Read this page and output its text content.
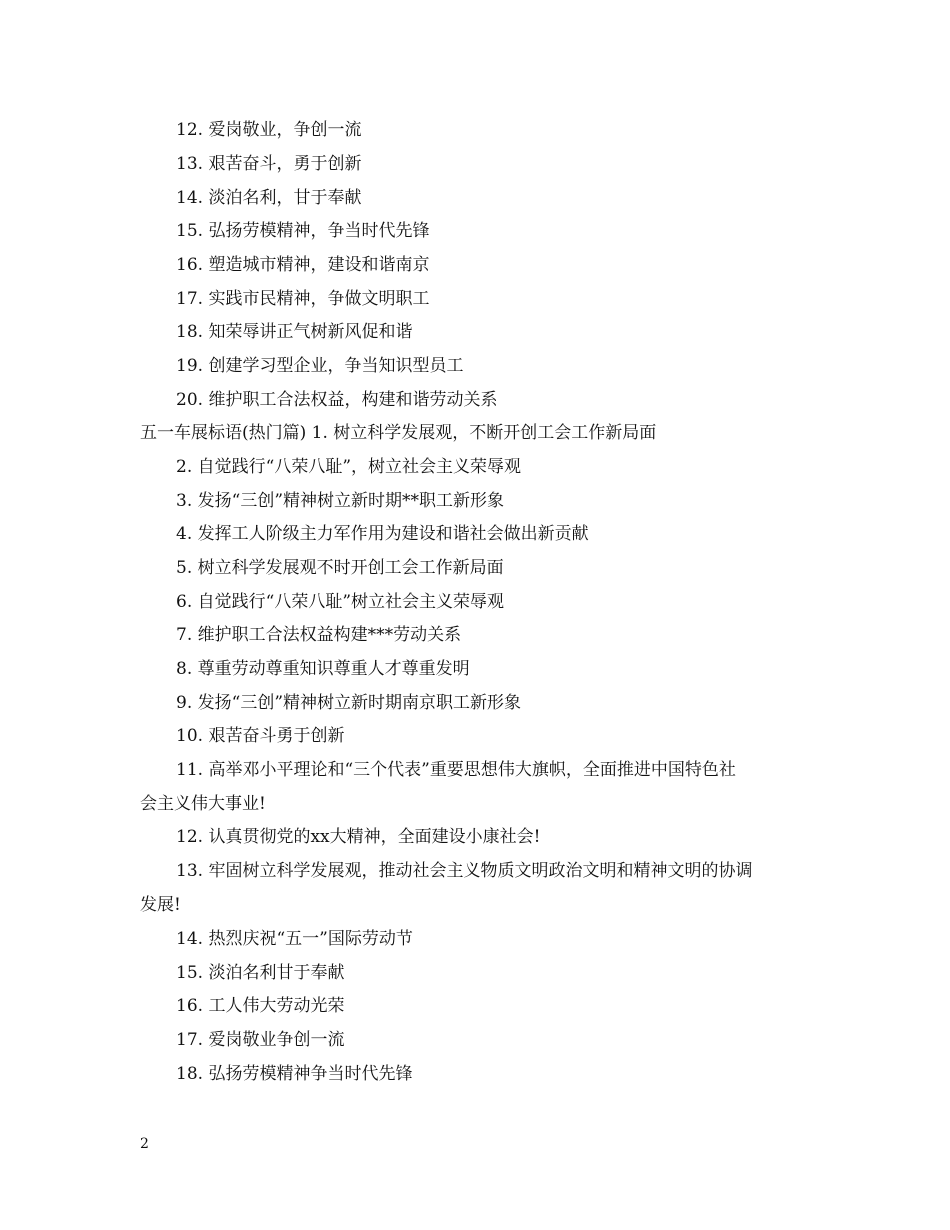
12. 爱岗敬业，争创一流
13. 艰苦奋斗，勇于创新
14. 淡泊名利，甘于奉献
15. 弘扬劳模精神，争当时代先锋
16. 塑造城市精神，建设和谐南京
17. 实践市民精神，争做文明职工
18. 知荣辱讲正气树新风促和谐
19. 创建学习型企业，争当知识型员工
20. 维护职工合法权益，构建和谐劳动关系
五一车展标语(热门篇) 1. 树立科学发展观，不断开创工会工作新局面
2. 自觉践行“八荣八耻”，树立社会主义荣辱观
3. 发扬“三创”精神树立新时期**职工新形象
4. 发挥工人阶级主力军作用为建设和谐社会做出新贡献
5. 树立科学发展观不时开创工会工作新局面
6. 自觉践行“八荣八耻”树立社会主义荣辱观
7. 维护职工合法权益构建***劳动关系
8. 尊重劳动尊重知识尊重人才尊重发明
9. 发扬“三创”精神树立新时期南京职工新形象
10. 艰苦奋斗勇于创新
11. 高举邓小平理论和“三个代表”重要思想伟大旗帜，全面推进中国特色社
会主义伟大事业!
12. 认真贯彻党的xx大精神，全面建设小康社会!
13. 牢固树立科学发展观，推动社会主义物质文明政治文明和精神文明的协调
发展!
14. 热烈庆祝“五一”国际劳动节
15. 淡泊名利甘于奉献
16. 工人伟大劳动光荣
17. 爱岗敬业争创一流
18. 弘扬劳模精神争当时代先锋
2
